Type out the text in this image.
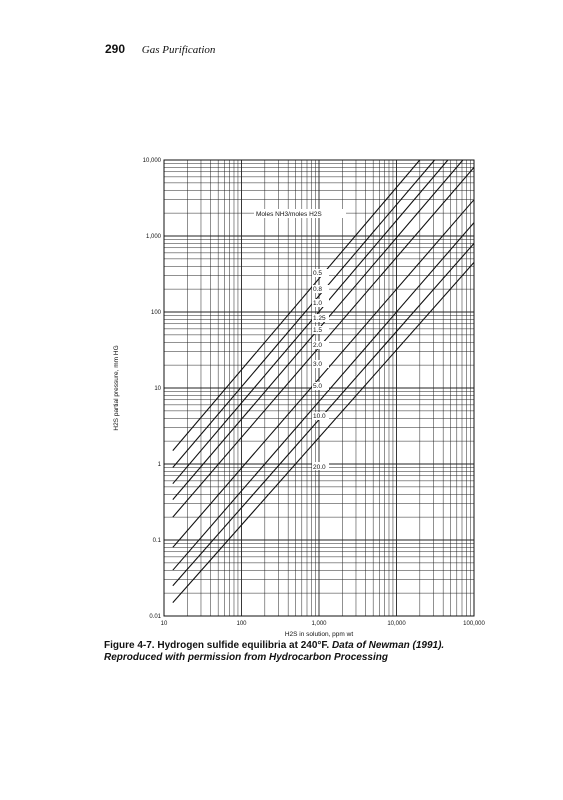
290 Gas Purification
10	100	1,000	10,000	100,000
0.01
0.1
1
10
100
1,000
10,000
0.5
0.8
1.0
1.25
1.5
2.0
3.0
5.0
10.0
20.0
H2S in solution, ppm wt
H2S partial pressure, mm HG
Moles NH3/moles H2S
Figure 4-7. Hydrogen sulfide equilibria at 240°F. Data of Newman (1991). Reproduced with permission from Hydrocarbon Processing
